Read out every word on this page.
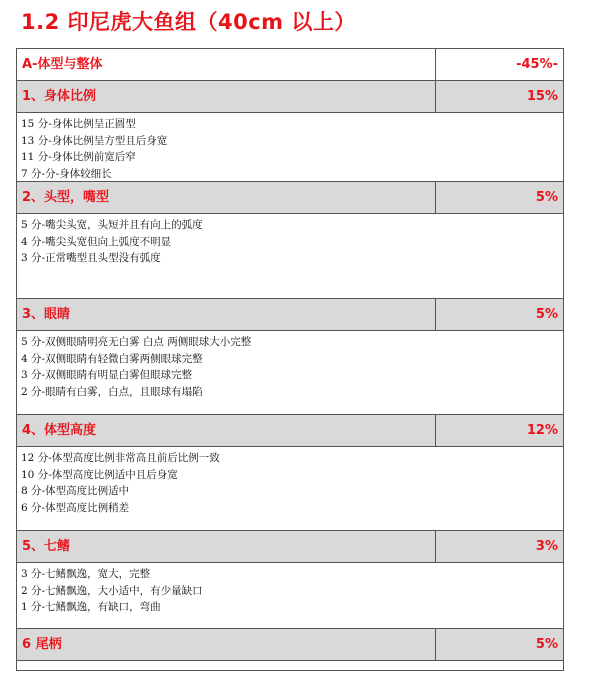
1.2 印尼虎大鱼组（40cm 以上）
A-体型与整体	-45%-
1、身体比例	15%
15 分-身体比例呈正圆型
13 分-身体比例呈方型且后身宽
11 分-身体比例前宽后窄
7 分-分-身体较细长
2、头型，嘴型	5%
5 分-嘴尖头宽，头短并且有向上的弧度
4 分-嘴尖头宽但向上弧度不明显
3 分-正常嘴型且头型没有弧度
3、眼睛	5%
5 分-双侧眼睛明亮无白雾 白点 两侧眼球大小完整
4 分-双侧眼睛有轻微白雾两侧眼球完整
3 分-双侧眼睛有明显白雾但眼球完整
2 分-眼睛有白雾，白点，且眼球有塌陷
4、体型高度	12%
12 分-体型高度比例非常高且前后比例一致
10 分-体型高度比例适中且后身宽
8 分-体型高度比例适中
6 分-体型高度比例稍差
5、七鳍	3%
3 分-七鳍飘逸，宽大，完整
2 分-七鳍飘逸，大小适中，有少量缺口
1 分-七鳍飘逸，有缺口，弯曲
6 尾柄	5%
